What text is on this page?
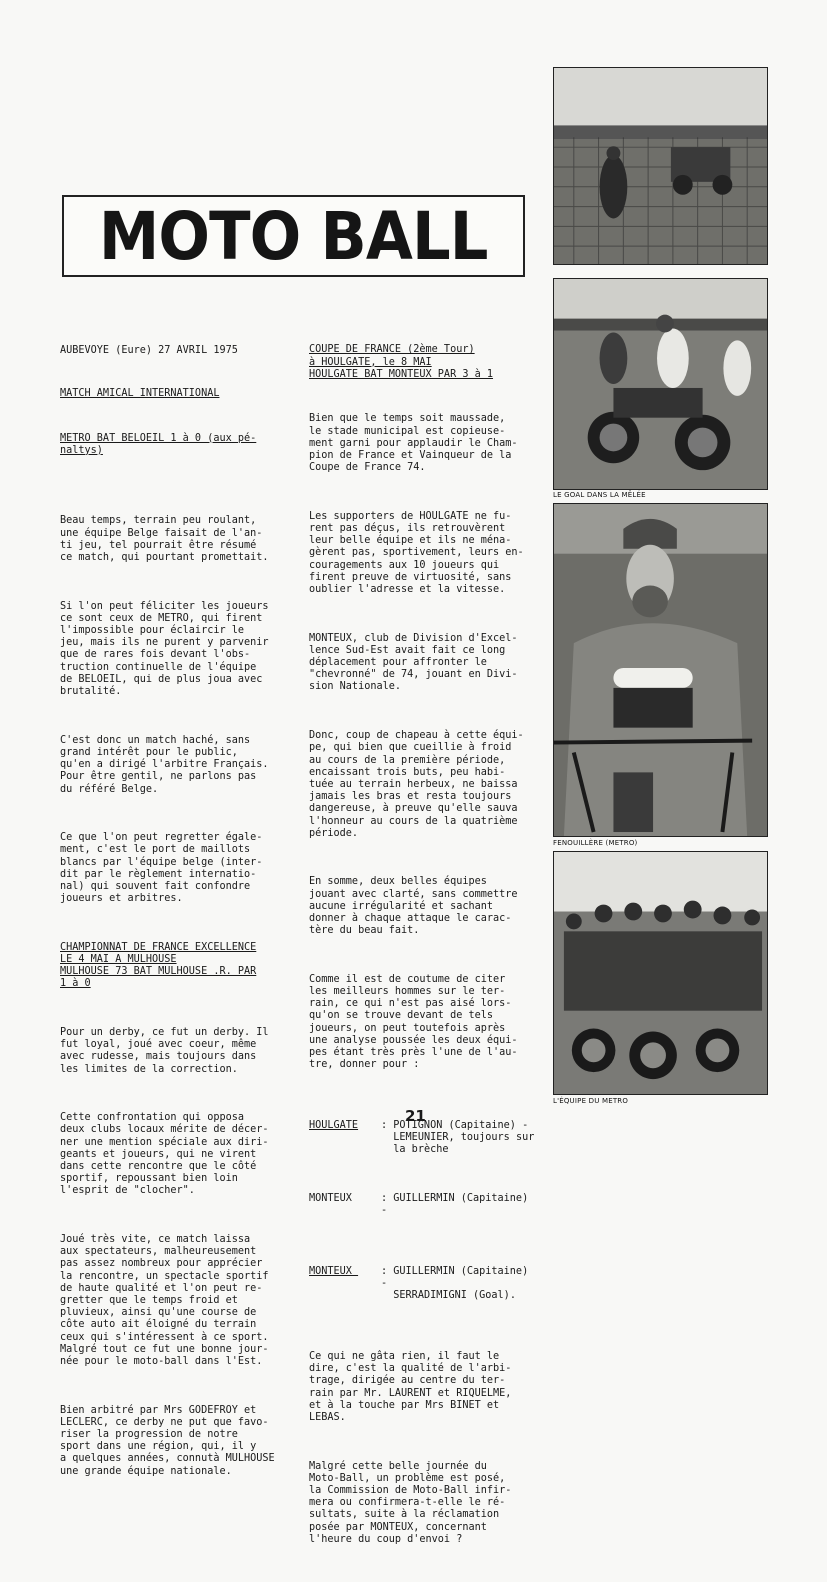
MOTO BALL
LE GOAL DANS LA MÊLÉE
FENOUILLÈRE (METRO)
L'ÉQUIPE DU METRO

AUBEVOYE (Eure) 27 AVRIL 1975

MATCH AMICAL INTERNATIONAL

METRO BAT BELOEIL 1 à 0 (aux pé-
naltys)

Beau temps, terrain peu roulant,
une équipe Belge faisait de l'an-
ti jeu, tel pourrait être résumé
ce match, qui pourtant promettait.

Si l'on peut féliciter les joueurs
ce sont ceux de METRO, qui firent
l'impossible pour éclaircir le
jeu, mais ils ne purent y parvenir
que de rares fois devant l'obs-
truction continuelle de l'équipe
de BELOEIL, qui de plus joua avec
brutalité.

C'est donc un match haché, sans
grand intérêt pour le public,
qu'en a dirigé l'arbitre Français.
Pour être gentil, ne parlons pas
du référé Belge.

Ce que l'on peut regretter égale-
ment, c'est le port de maillots
blancs par l'équipe belge (inter-
dit par le règlement internatio-
nal) qui souvent fait confondre
joueurs et arbitres.

CHAMPIONNAT DE FRANCE EXCELLENCE
LE 4 MAI A MULHOUSE
MULHOUSE 73 BAT MULHOUSE .R. PAR
1 à 0

Pour un derby, ce fut un derby. Il
fut loyal, joué avec coeur, même
avec rudesse, mais toujours dans
les limites de la correction.

Cette confrontation qui opposa
deux clubs locaux mérite de décer-
ner une mention spéciale aux diri-
geants et joueurs, qui ne virent
dans cette rencontre que le côté
sportif, repoussant bien loin
l'esprit de "clocher".

Joué très vite, ce match laissa
aux spectateurs, malheureusement
pas assez nombreux pour apprécier
la rencontre, un spectacle sportif
de haute qualité et l'on peut re-
gretter que le temps froid et
pluvieux, ainsi qu'une course de
côte auto ait éloigné du terrain
ceux qui s'intéressent à ce sport.
Malgré tout ce fut une bonne jour-
née pour le moto-ball dans l'Est.

Bien arbitré par Mrs GODEFROY et
LECLERC, ce derby ne put que favo-
riser la progression de notre
sport dans une région, qui, il y
a quelques années, connutà MULHOUSE
une grande équipe nationale.

COUPE DE FRANCE (2ème Tour)
à HOULGATE, le 8 MAI
HOULGATE BAT MONTEUX PAR 3 à 1

Bien que le temps soit maussade,
le stade municipal est copieuse-
ment garni pour applaudir le Cham-
pion de France et Vainqueur de la
Coupe de France 74.

Les supporters de HOULGATE ne fu-
rent pas déçus, ils retrouvèrent
leur belle équipe et ils ne ména-
gèrent pas, sportivement, leurs en-
couragements aux 10 joueurs qui
firent preuve de virtuosité, sans
oublier l'adresse et la vitesse.

MONTEUX, club de Division d'Excel-
lence Sud-Est avait fait ce long
déplacement pour affronter le
"chevronné" de 74, jouant en Divi-
sion Nationale.

Donc, coup de chapeau à cette équi-
pe, qui bien que cueillie à froid
au cours de la première période,
encaissant trois buts, peu habi-
tuée au terrain herbeux, ne baissa
jamais les bras et resta toujours
dangereuse, à preuve qu'elle sauva
l'honneur au cours de la quatrième
période.

En somme, deux belles équipes
jouant avec clarté, sans commettre
aucune irrégularité et sachant
donner à chaque attaque le carac-
tère du beau fait.

Comme il est de coutume de citer
les meilleurs hommes sur le ter-
rain, ce qui n'est pas aisé lors-
qu'on se trouve devant de tels
joueurs, on peut toutefois après
une analyse poussée les deux équi-
pes étant très près l'une de l'au-
tre, donner pour :

HOULGATE	: POTIGNON (Capitaine) -
LEMEUNIER, toujours sur
la brèche

MONTEUX	: GUILLERMIN (Capitaine) -

MONTEUX	: GUILLERMIN (Capitaine) -
SERRADIMIGNI (Goal).

Ce qui ne gâta rien, il faut le
dire, c'est la qualité de l'arbi-
trage, dirigée au centre du ter-
rain par Mr. LAURENT et RIQUELME,
et à la touche par Mrs BINET et
LEBAS.

Malgré cette belle journée du
Moto-Ball, un problème est posé,
la Commission de Moto-Ball infir-
mera ou confirmera-t-elle le ré-
sultats, suite à la réclamation
posée par MONTEUX, concernant
l'heure du coup d'envoi ?

21
